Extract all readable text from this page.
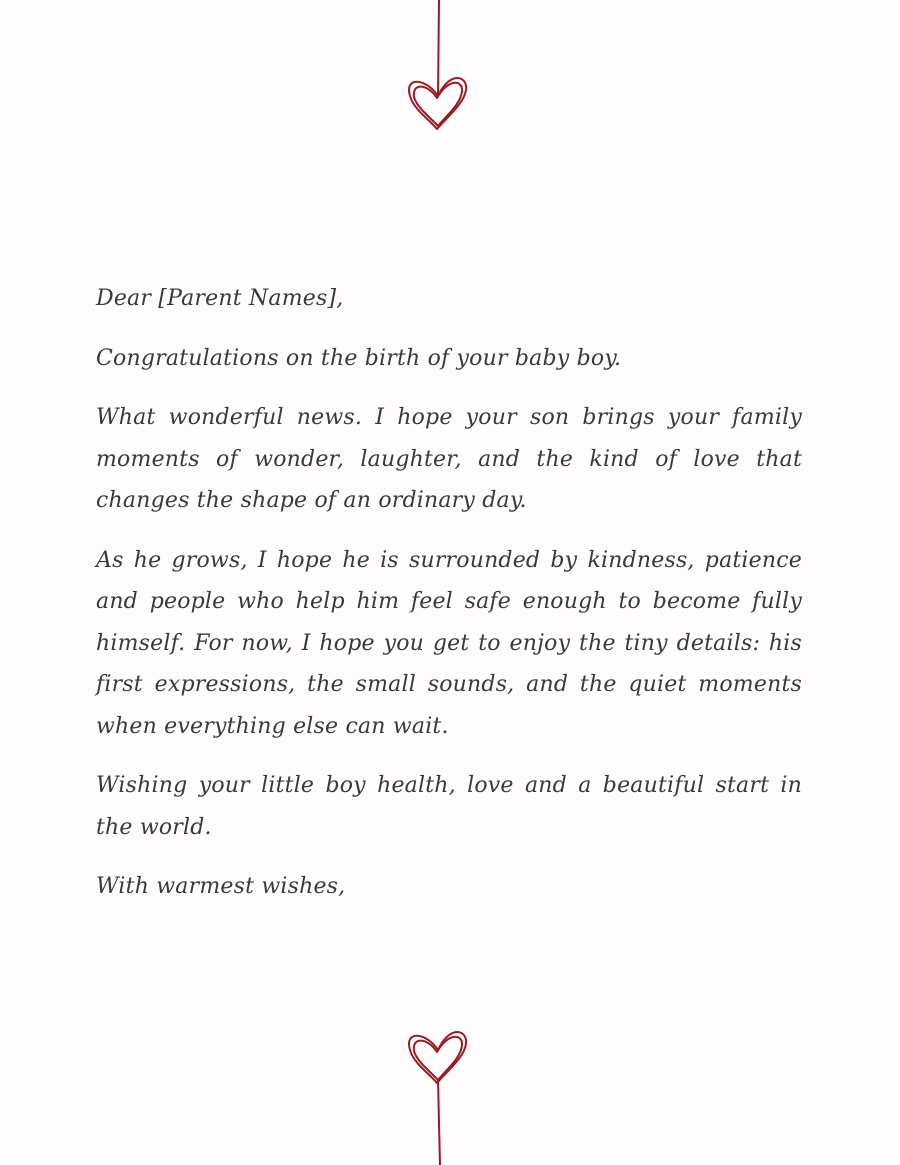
Dear [Parent Names],

Congratulations on the birth of your baby boy.

What wonderful news. I hope your son brings your family moments of wonder, laughter, and the kind of love that changes the shape of an ordinary day.

As he grows, I hope he is surrounded by kindness, patience and people who help him feel safe enough to become fully himself. For now, I hope you get to enjoy the tiny details: his first expressions, the small sounds, and the quiet moments when everything else can wait.

Wishing your little boy health, love and a beautiful start in the world.

With warmest wishes,
